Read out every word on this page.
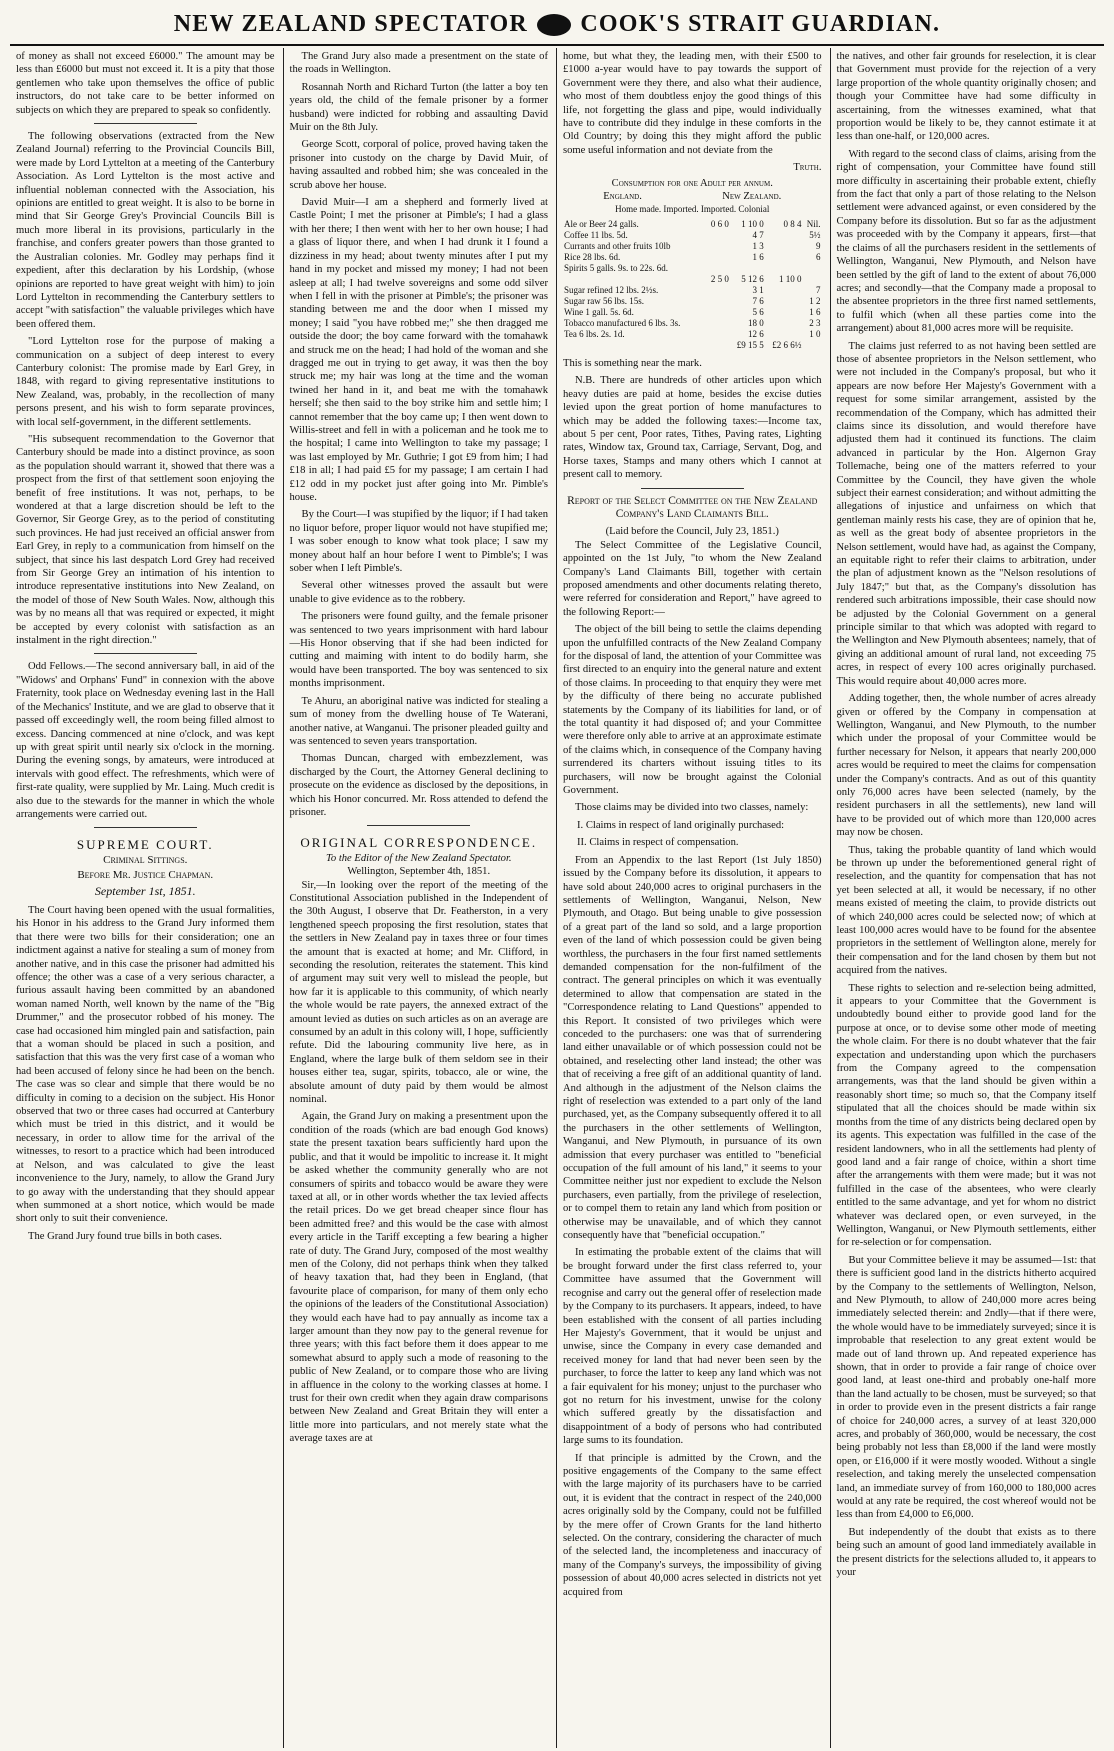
NEW ZEALAND SPECTATOR COOK'S STRAIT GUARDIAN.

of money as shall not exceed £6000." The amount may be less than £6000 but must not exceed it. It is a pity that those gentlemen who take upon themselves the office of public instructors, do not take care to be better informed on subjects on which they are prepared to speak so confidently.

The following observations (extracted from the New Zealand Journal) referring to the Provincial Councils Bill, were made by Lord Lyttelton at a meeting of the Canterbury Association. As Lord Lyttelton is the most active and influential nobleman connected with the Association, his opinions are entitled to great weight. It is also to be borne in mind that Sir George Grey's Provincial Councils Bill is much more liberal in its provisions, particularly in the franchise, and confers greater powers than those granted to the Australian colonies. Mr. Godley may perhaps find it expedient, after this declaration by his Lordship, (whose opinions are reported to have great weight with him) to join Lord Lyttelton in recommending the Canterbury settlers to accept "with satisfaction" the valuable privileges which have been offered them.

"Lord Lyttelton rose for the purpose of making a communication on a subject of deep interest to every Canterbury colonist: The promise made by Earl Grey, in 1848, with regard to giving representative institutions to New Zealand, was, probably, in the recollection of many persons present, and his wish to form separate provinces, with local self-government, in the different settlements.

"His subsequent recommendation to the Governor that Canterbury should be made into a distinct province, as soon as the population should warrant it, showed that there was a prospect from the first of that settlement soon enjoying the benefit of free institutions. It was not, perhaps, to be wondered at that a large discretion should be left to the Governor, Sir George Grey, as to the period of constituting such provinces. He had just received an official answer from Earl Grey, in reply to a communication from himself on the subject, that since his last despatch Lord Grey had received from Sir George Grey an intimation of his intention to introduce representative institutions into New Zealand, on the model of those of New South Wales. Now, although this was by no means all that was required or expected, it might be accepted by every colonist with satisfaction as an instalment in the right direction."

Odd Fellows.—The second anniversary ball, in aid of the "Widows' and Orphans' Fund" in connexion with the above Fraternity, took place on Wednesday evening last in the Hall of the Mechanics' Institute, and we are glad to observe that it passed off exceedingly well, the room being filled almost to excess. Dancing commenced at nine o'clock, and was kept up with great spirit until nearly six o'clock in the morning. During the evening songs, by amateurs, were introduced at intervals with good effect. The refreshments, which were of first-rate quality, were supplied by Mr. Laing. Much credit is also due to the stewards for the manner in which the whole arrangements were carried out.

SUPREME COURT.
Criminal Sittings.
Before Mr. Justice Chapman.
September 1st, 1851.

The Court having been opened with the usual formalities, his Honor in his address to the Grand Jury informed them that there were two bills for their consideration; one an indictment against a native for stealing a sum of money from another native, and in this case the prisoner had admitted his offence; the other was a case of a very serious character, a furious assault having been committed by an abandoned woman named North, well known by the name of the "Big Drummer," and the prosecutor robbed of his money. The case had occasioned him mingled pain and satisfaction, pain that a woman should be placed in such a position, and satisfaction that this was the very first case of a woman who had been accused of felony since he had been on the bench. The case was so clear and simple that there would be no difficulty in coming to a decision on the subject. His Honor observed that two or three cases had occurred at Canterbury which must be tried in this district, and it would be necessary, in order to allow time for the arrival of the witnesses, to resort to a practice which had been introduced at Nelson, and was calculated to give the least inconvenience to the Jury, namely, to allow the Grand Jury to go away with the understanding that they should appear when summoned at a short notice, which would be made short only to suit their convenience.

The Grand Jury found true bills in both cases.

The Grand Jury also made a presentment on the state of the roads in Wellington.

Rosannah North and Richard Turton (the latter a boy ten years old, the child of the female prisoner by a former husband) were indicted for robbing and assaulting David Muir on the 8th July.

George Scott, corporal of police, proved having taken the prisoner into custody on the charge by David Muir, of having assaulted and robbed him; she was concealed in the scrub above her house.

David Muir—I am a shepherd and formerly lived at Castle Point; I met the prisoner at Pimble's; I had a glass with her there; I then went with her to her own house; I had a glass of liquor there, and when I had drunk it I found a dizziness in my head; about twenty minutes after I put my hand in my pocket and missed my money; I had not been asleep at all; I had twelve sovereigns and some odd silver when I fell in with the prisoner at Pimble's; the prisoner was standing between me and the door when I missed my money; I said "you have robbed me;" she then dragged me outside the door; the boy came forward with the tomahawk and struck me on the head; I had hold of the woman and she dragged me out in trying to get away, it was then the boy struck me; my hair was long at the time and the woman twined her hand in it, and beat me with the tomahawk herself; she then said to the boy strike him and settle him; I cannot remember that the boy came up; I then went down to Willis-street and fell in with a policeman and he took me to the hospital; I came into Wellington to take my passage; I was last employed by Mr. Guthrie; I got £9 from him; I had £18 in all; I had paid £5 for my passage; I am certain I had £12 odd in my pocket just after going into Mr. Pimble's house.

By the Court—I was stupified by the liquor; if I had taken no liquor before, proper liquor would not have stupified me; I was sober enough to know what took place; I saw my money about half an hour before I went to Pimble's; I was sober when I left Pimble's.

Several other witnesses proved the assault but were unable to give evidence as to the robbery.

The prisoners were found guilty, and the female prisoner was sentenced to two years imprisonment with hard labour—His Honor observing that if she had been indicted for cutting and maiming with intent to do bodily harm, she would have been transported. The boy was sentenced to six months imprisonment.

Te Ahuru, an aboriginal native was indicted for stealing a sum of money from the dwelling house of Te Waterani, another native, at Wanganui. The prisoner pleaded guilty and was sentenced to seven years transportation.

Thomas Duncan, charged with embezzlement, was discharged by the Court, the Attorney General declining to prosecute on the evidence as disclosed by the depositions, in which his Honor concurred. Mr. Ross attended to defend the prisoner.

ORIGINAL CORRESPONDENCE.
To the Editor of the New Zealand Spectator.
Wellington, September 4th, 1851.

Sir,—In looking over the report of the meeting of the Constitutional Association published in the Independent of the 30th August, I observe that Dr. Featherston, in a very lengthened speech proposing the first resolution, states that the settlers in New Zealand pay in taxes three or four times the amount that is exacted at home; and Mr. Clifford, in seconding the resolution, reiterates the statement. This kind of argument may suit very well to mislead the people, but how far it is applicable to this community, of which nearly the whole would be rate payers, the annexed extract of the amount levied as duties on such articles as on an average are consumed by an adult in this colony will, I hope, sufficiently refute. Did the labouring community live here, as in England, where the large bulk of them seldom see in their houses either tea, sugar, spirits, tobacco, ale or wine, the absolute amount of duty paid by them would be almost nominal.

Again, the Grand Jury on making a presentment upon the condition of the roads (which are bad enough God knows) state the present taxation bears sufficiently hard upon the public, and that it would be impolitic to increase it. It might be asked whether the community generally who are not consumers of spirits and tobacco would be aware they were taxed at all, or in other words whether the tax levied affects the retail prices. Do we get bread cheaper since flour has been admitted free? and this would be the case with almost every article in the Tariff excepting a few bearing a higher rate of duty. The Grand Jury, composed of the most wealthy men of the Colony, did not perhaps think when they talked of heavy taxation that, had they been in England, (that favourite place of comparison, for many of them only echo the opinions of the leaders of the Constitutional Association) they would each have had to pay annually as income tax a larger amount than they now pay to the general revenue for three years; with this fact before them it does appear to me somewhat absurd to apply such a mode of reasoning to the public of New Zealand, or to compare those who are living in affluence in the colony to the working classes at home. I trust for their own credit when they again draw comparisons between New Zealand and Great Britain they will enter a little more into particulars, and not merely state what the average taxes are at

home, but what they, the leading men, with their £500 to £1000 a-year would have to pay towards the support of Government were they there, and also what their audience, who most of them doubtless enjoy the good things of this life, not forgetting the glass and pipe, would individually have to contribute did they indulge in these comforts in the Old Country; by doing this they might afford the public some useful information and not deviate from the

Truth.
Consumption for one Adult per annum.
England.	New Zealand.
Home made. Imported. Imported. Colonial
Ale or Beer 24 galls.	0 6 0	1 10 0	0 8 4	Nil.
Coffee 11 lbs. 5d.		4 7		5½
Currants and other fruits 10lb		1 3		9
Rice 28 lbs. 6d.		1 6		6
Spirits 5 galls. 9s. to 22s. 6d.				
	2 5 0	5 12 6	1 10 0	
Sugar refined 12 lbs. 2½s.		3 1		7
Sugar raw 56 lbs. 15s.		7 6		1 2
Wine 1 gall. 5s. 6d.		5 6		1 6
Tobacco manufactured 6 lbs. 3s.		18 0		2 3
Tea 6 lbs. 2s. 1d.		12 6		1 0
		£9 15 5	£2 6 6½	

This is something near the mark.

N.B. There are hundreds of other articles upon which heavy duties are paid at home, besides the excise duties levied upon the great portion of home manufactures to which may be added the following taxes:—Income tax, about 5 per cent, Poor rates, Tithes, Paving rates, Lighting rates, Window tax, Ground tax, Carriage, Servant, Dog, and Horse taxes, Stamps and many others which I cannot at present call to memory.

Report of the Select Committee on the New Zealand Company's Land Claimants Bill.
(Laid before the Council, July 23, 1851.)

The Select Committee of the Legislative Council, appointed on the 1st July, "to whom the New Zealand Company's Land Claimants Bill, together with certain proposed amendments and other documents relating thereto, were referred for consideration and Report," have agreed to the following Report:—

The object of the bill being to settle the claims depending upon the unfulfilled contracts of the New Zealand Company for the disposal of land, the attention of your Committee was first directed to an enquiry into the general nature and extent of those claims. In proceeding to that enquiry they were met by the difficulty of there being no accurate published statements by the Company of its liabilities for land, or of the total quantity it had disposed of; and your Committee were therefore only able to arrive at an approximate estimate of the claims which, in consequence of the Company having surrendered its charters without issuing titles to its purchasers, will now be brought against the Colonial Government.

Those claims may be divided into two classes, namely:

I. Claims in respect of land originally purchased:

II. Claims in respect of compensation.

From an Appendix to the last Report (1st July 1850) issued by the Company before its dissolution, it appears to have sold about 240,000 acres to original purchasers in the settlements of Wellington, Wanganui, Nelson, New Plymouth, and Otago. But being unable to give possession of a great part of the land so sold, and a large proportion even of the land of which possession could be given being worthless, the purchasers in the four first named settlements demanded compensation for the non-fulfilment of the contract. The general principles on which it was eventually determined to allow that compensation are stated in the "Correspondence relating to Land Questions" appended to this Report. It consisted of two privileges which were conceded to the purchasers: one was that of surrendering land either unavailable or of which possession could not be obtained, and reselecting other land instead; the other was that of receiving a free gift of an additional quantity of land. And although in the adjustment of the Nelson claims the right of reselection was extended to a part only of the land purchased, yet, as the Company subsequently offered it to all the purchasers in the other settlements of Wellington, Wanganui, and New Plymouth, in pursuance of its own admission that every purchaser was entitled to "beneficial occupation of the full amount of his land," it seems to your Committee neither just nor expedient to exclude the Nelson purchasers, even partially, from the privilege of reselection, or to compel them to retain any land which from position or otherwise may be unavailable, and of which they cannot consequently have that "beneficial occupation."

In estimating the probable extent of the claims that will be brought forward under the first class referred to, your Committee have assumed that the Government will recognise and carry out the general offer of reselection made by the Company to its purchasers. It appears, indeed, to have been established with the consent of all parties including Her Majesty's Government, that it would be unjust and unwise, since the Company in every case demanded and received money for land that had never been seen by the purchaser, to force the latter to keep any land which was not a fair equivalent for his money; unjust to the purchaser who got no return for his investment, unwise for the colony which suffered greatly by the dissatisfaction and disappointment of a body of persons who had contributed large sums to its foundation.

If that principle is admitted by the Crown, and the positive engagements of the Company to the same effect with the large majority of its purchasers have to be carried out, it is evident that the contract in respect of the 240,000 acres originally sold by the Company, could not be fulfilled by the mere offer of Crown Grants for the land hitherto selected. On the contrary, considering the character of much of the selected land, the incompleteness and inaccuracy of many of the Company's surveys, the impossibility of giving possession of about 40,000 acres selected in districts not yet acquired from

the natives, and other fair grounds for reselection, it is clear that Government must provide for the rejection of a very large proportion of the whole quantity originally chosen; and though your Committee have had some difficulty in ascertaining, from the witnesses examined, what that proportion would be likely to be, they cannot estimate it at less than one-half, or 120,000 acres.

With regard to the second class of claims, arising from the right of compensation, your Committee have found still more difficulty in ascertaining their probable extent, chiefly from the fact that only a part of those relating to the Nelson settlement were advanced against, or even considered by the Company before its dissolution. But so far as the adjustment was proceeded with by the Company it appears, first—that the claims of all the purchasers resident in the settlements of Wellington, Wanganui, New Plymouth, and Nelson have been settled by the gift of land to the extent of about 76,000 acres; and secondly—that the Company made a proposal to the absentee proprietors in the three first named settlements, to fulfil which (when all these parties come into the arrangement) about 81,000 acres more will be requisite.

The claims just referred to as not having been settled are those of absentee proprietors in the Nelson settlement, who were not included in the Company's proposal, but who it appears are now before Her Majesty's Government with a request for some similar arrangement, assisted by the recommendation of the Company, which has admitted their claims since its dissolution, and would therefore have adjusted them had it continued its functions. The claim advanced in particular by the Hon. Algernon Gray Tollemache, being one of the matters referred to your Committee by the Council, they have given the whole subject their earnest consideration; and without admitting the allegations of injustice and unfairness on which that gentleman mainly rests his case, they are of opinion that he, as well as the great body of absentee proprietors in the Nelson settlement, would have had, as against the Company, an equitable right to refer their claims to arbitration, under the plan of adjustment known as the "Nelson resolutions of July 1847;" but that, as the Company's dissolution has rendered such arbitrations impossible, their case should now be adjusted by the Colonial Government on a general principle similar to that which was adopted with regard to the Wellington and New Plymouth absentees; namely, that of giving an additional amount of rural land, not exceeding 75 acres, in respect of every 100 acres originally purchased. This would require about 40,000 acres more.

Adding together, then, the whole number of acres already given or offered by the Company in compensation at Wellington, Wanganui, and New Plymouth, to the number which under the proposal of your Committee would be further necessary for Nelson, it appears that nearly 200,000 acres would be required to meet the claims for compensation under the Company's contracts. And as out of this quantity only 76,000 acres have been selected (namely, by the resident purchasers in all the settlements), new land will have to be provided out of which more than 120,000 acres may now be chosen.

Thus, taking the probable quantity of land which would be thrown up under the beforementioned general right of reselection, and the quantity for compensation that has not yet been selected at all, it would be necessary, if no other means existed of meeting the claim, to provide districts out of which 240,000 acres could be selected now; of which at least 100,000 acres would have to be found for the absentee proprietors in the settlement of Wellington alone, merely for their compensation and for the land chosen by them but not acquired from the natives.

These rights to selection and re-selection being admitted, it appears to your Committee that the Government is undoubtedly bound either to provide good land for the purpose at once, or to devise some other mode of meeting the whole claim. For there is no doubt whatever that the fair expectation and understanding upon which the purchasers from the Company agreed to the compensation arrangements, was that the land should be given within a reasonably short time; so much so, that the Company itself stipulated that all the choices should be made within six months from the time of any districts being declared open by its agents. This expectation was fulfilled in the case of the resident landowners, who in all the settlements had plenty of good land and a fair range of choice, within a short time after the arrangements with them were made; but it was not fulfilled in the case of the absentees, who were clearly entitled to the same advantage, and yet for whom no district whatever was declared open, or even surveyed, in the Wellington, Wanganui, or New Plymouth settlements, either for re-selection or for compensation.

But your Committee believe it may be assumed—1st: that there is sufficient good land in the districts hitherto acquired by the Company to the settlements of Wellington, Nelson, and New Plymouth, to allow of 240,000 more acres being immediately selected therein: and 2ndly—that if there were, the whole would have to be immediately surveyed; since it is improbable that reselection to any great extent would be made out of land thrown up. And repeated experience has shown, that in order to provide a fair range of choice over good land, at least one-third and probably one-half more than the land actually to be chosen, must be surveyed; so that in order to provide even in the present districts a fair range of choice for 240,000 acres, a survey of at least 320,000 acres, and probably of 360,000, would be necessary, the cost being probably not less than £8,000 if the land were mostly open, or £16,000 if it were mostly wooded. Without a single reselection, and taking merely the unselected compensation land, an immediate survey of from 160,000 to 180,000 acres would at any rate be required, the cost whereof would not be less than from £4,000 to £6,000.

But independently of the doubt that exists as to there being such an amount of good land immediately available in the present districts for the selections alluded to, it appears to your
